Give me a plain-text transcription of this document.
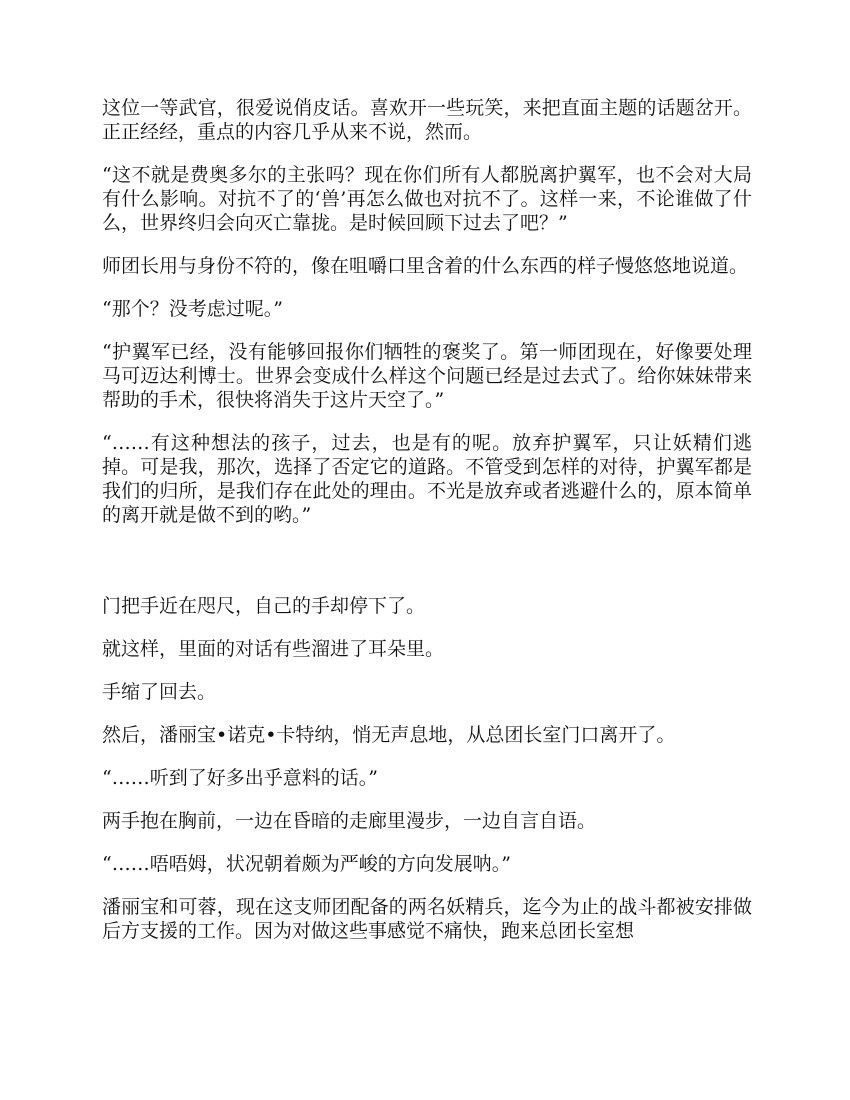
这位一等武官，很爱说俏皮话。喜欢开一些玩笑，来把直面主题的话题岔开。正正经经，重点的内容几乎从来不说，然而。

“这不就是费奥多尔的主张吗？现在你们所有人都脱离护翼军，也不会对大局有什么影响。对抗不了的‘兽’再怎么做也对抗不了。这样一来，不论谁做了什么，世界终归会向灭亡靠拢。是时候回顾下过去了吧？”

师团长用与身份不符的，像在咀嚼口里含着的什么东西的样子慢悠悠地说道。

“那个？没考虑过呢。”

“护翼军已经，没有能够回报你们牺牲的褒奖了。第一师团现在，好像要处理马可迈达利博士。世界会变成什么样这个问题已经是过去式了。给你妹妹带来帮助的手术，很快将消失于这片天空了。”

“……有这种想法的孩子，过去，也是有的呢。放弃护翼军，只让妖精们逃掉。可是我，那次，选择了否定它的道路。不管受到怎样的对待，护翼军都是我们的归所，是我们存在此处的理由。不光是放弃或者逃避什么的，原本简单的离开就是做不到的哟。”

门把手近在咫尺，自己的手却停下了。

就这样，里面的对话有些溜进了耳朵里。

手缩了回去。

然后，潘丽宝•诺克•卡特纳，悄无声息地，从总团长室门口离开了。

“……听到了好多出乎意料的话。”

两手抱在胸前，一边在昏暗的走廊里漫步，一边自言自语。

“……唔唔姆，状况朝着颇为严峻的方向发展呐。”

潘丽宝和可蓉，现在这支师团配备的两名妖精兵，迄今为止的战斗都被安排做后方支援的工作。因为对做这些事感觉不痛快，跑来总团长室想
